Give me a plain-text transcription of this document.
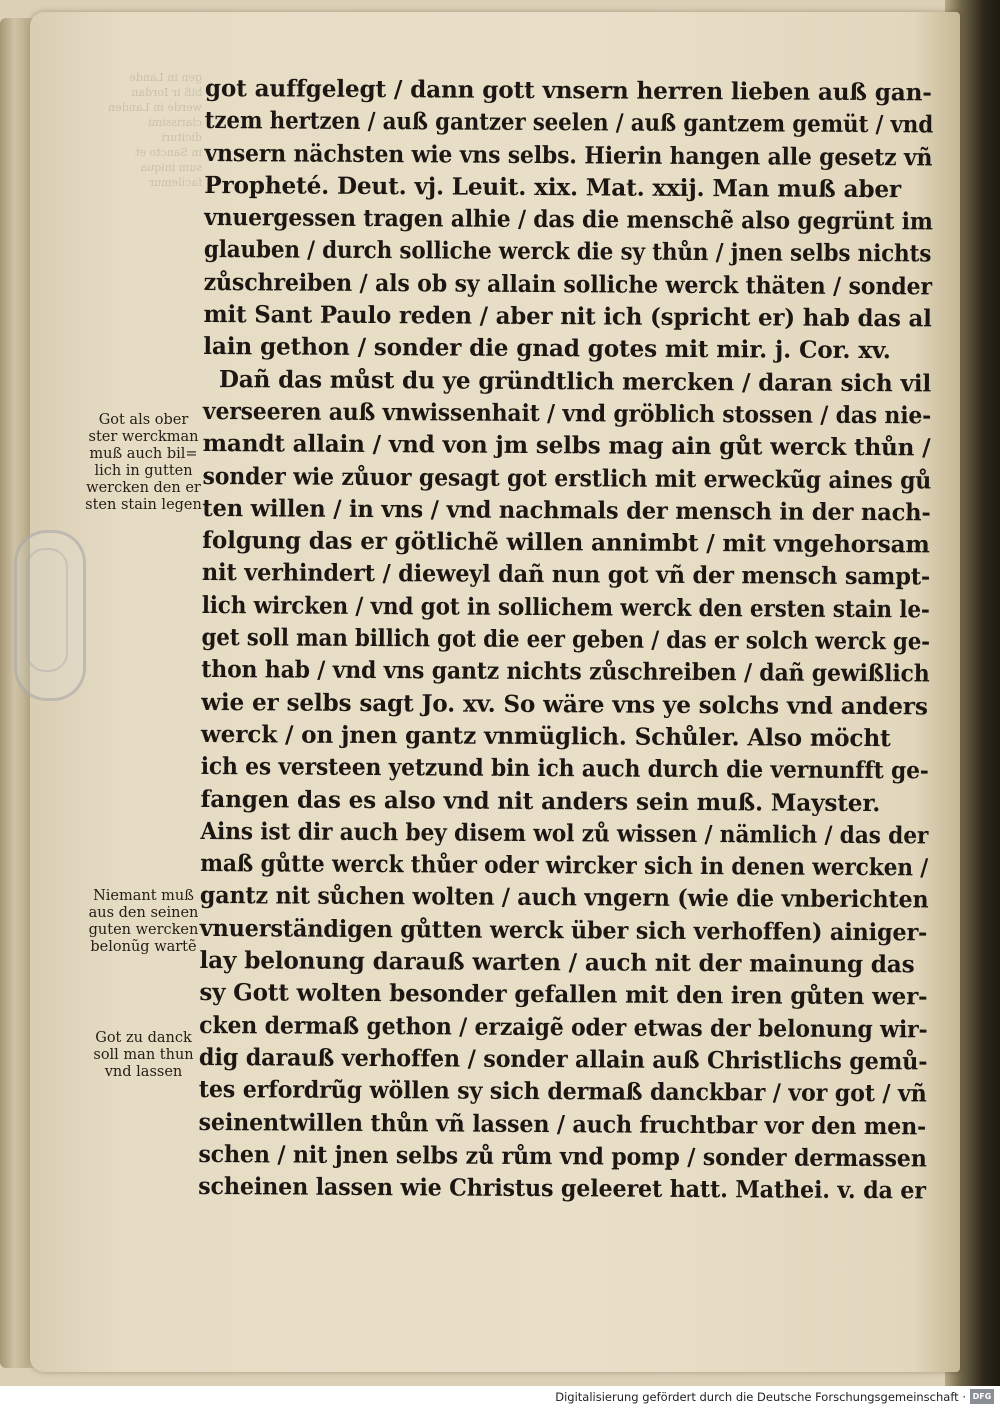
gen in Lande
biß ir Iordan
werde in Landen
clarissimi
dicituri
in Sancto et
sum iniqua
facilemur
Got als ober
ster werckman
muß auch bil=
lich in gutten
wercken den er
sten stain legen
Niemant muß
aus den seinen
guten wercken
belonũg wartẽ
Got zu danck
soll man thun
vnd lassen
got auffgelegt / dann gott vnsern herren lieben auß gan-
tzem hertzen / auß gantzer seelen / auß gantzem gemüt / vnd
vnsern nächsten wie vns selbs. Hierin hangen alle gesetz vñ
Propheté. Deut. vj. Leuit. xix. Mat. xxij. Man muß aber
vnuergessen tragen alhie / das die menschẽ also gegrünt im
glauben / durch solliche werck die sy thůn / jnen selbs nichts
zůschreiben / als ob sy allain solliche werck thäten / sonder
mit Sant Paulo reden / aber nit ich (spricht er) hab das al
lain gethon / sonder die gnad gotes mit mir. j. Cor. xv.
Dañ das můst du ye gründtlich mercken / daran sich vil
verseeren auß vnwissenhait / vnd gröblich stossen / das nie-
mandt allain / vnd von jm selbs mag ain gůt werck thůn /
sonder wie zůuor gesagt got erstlich mit erweckũg aines gů
ten willen / in vns / vnd nachmals der mensch in der nach-
folgung das er götlichẽ willen annimbt / mit vngehorsam
nit verhindert / dieweyl dañ nun got vñ der mensch sampt-
lich wircken / vnd got in sollichem werck den ersten stain le-
get soll man billich got die eer geben / das er solch werck ge-
thon hab / vnd vns gantz nichts zůschreiben / dañ gewißlich
wie er selbs sagt Jo. xv. So wäre vns ye solchs vnd anders
werck / on jnen gantz vnmüglich. Schůler. Also möcht
ich es versteen yetzund bin ich auch durch die vernunfft ge-
fangen das es also vnd nit anders sein muß. Mayster.
Ains ist dir auch bey disem wol zů wissen / nämlich / das der
maß gůtte werck thůer oder wircker sich in denen wercken /
gantz nit sůchen wolten / auch vngern (wie die vnberichten
vnuerständigen gůtten werck über sich verhoffen) ainiger-
lay belonung darauß warten / auch nit der mainung das
sy Gott wolten besonder gefallen mit den iren gůten wer-
cken dermaß gethon / erzaigẽ oder etwas der belonung wir-
dig darauß verhoffen / sonder allain auß Christlichs gemů-
tes erfordrũg wöllen sy sich dermaß danckbar / vor got / vñ
seinentwillen thůn vñ lassen / auch fruchtbar vor den men-
schen / nit jnen selbs zů rům vnd pomp / sonder dermassen
scheinen lassen wie Christus geleeret hatt. Mathei. v. da er
Digitalisierung gefördert durch die Deutsche Forschungsgemeinschaft · DFG
